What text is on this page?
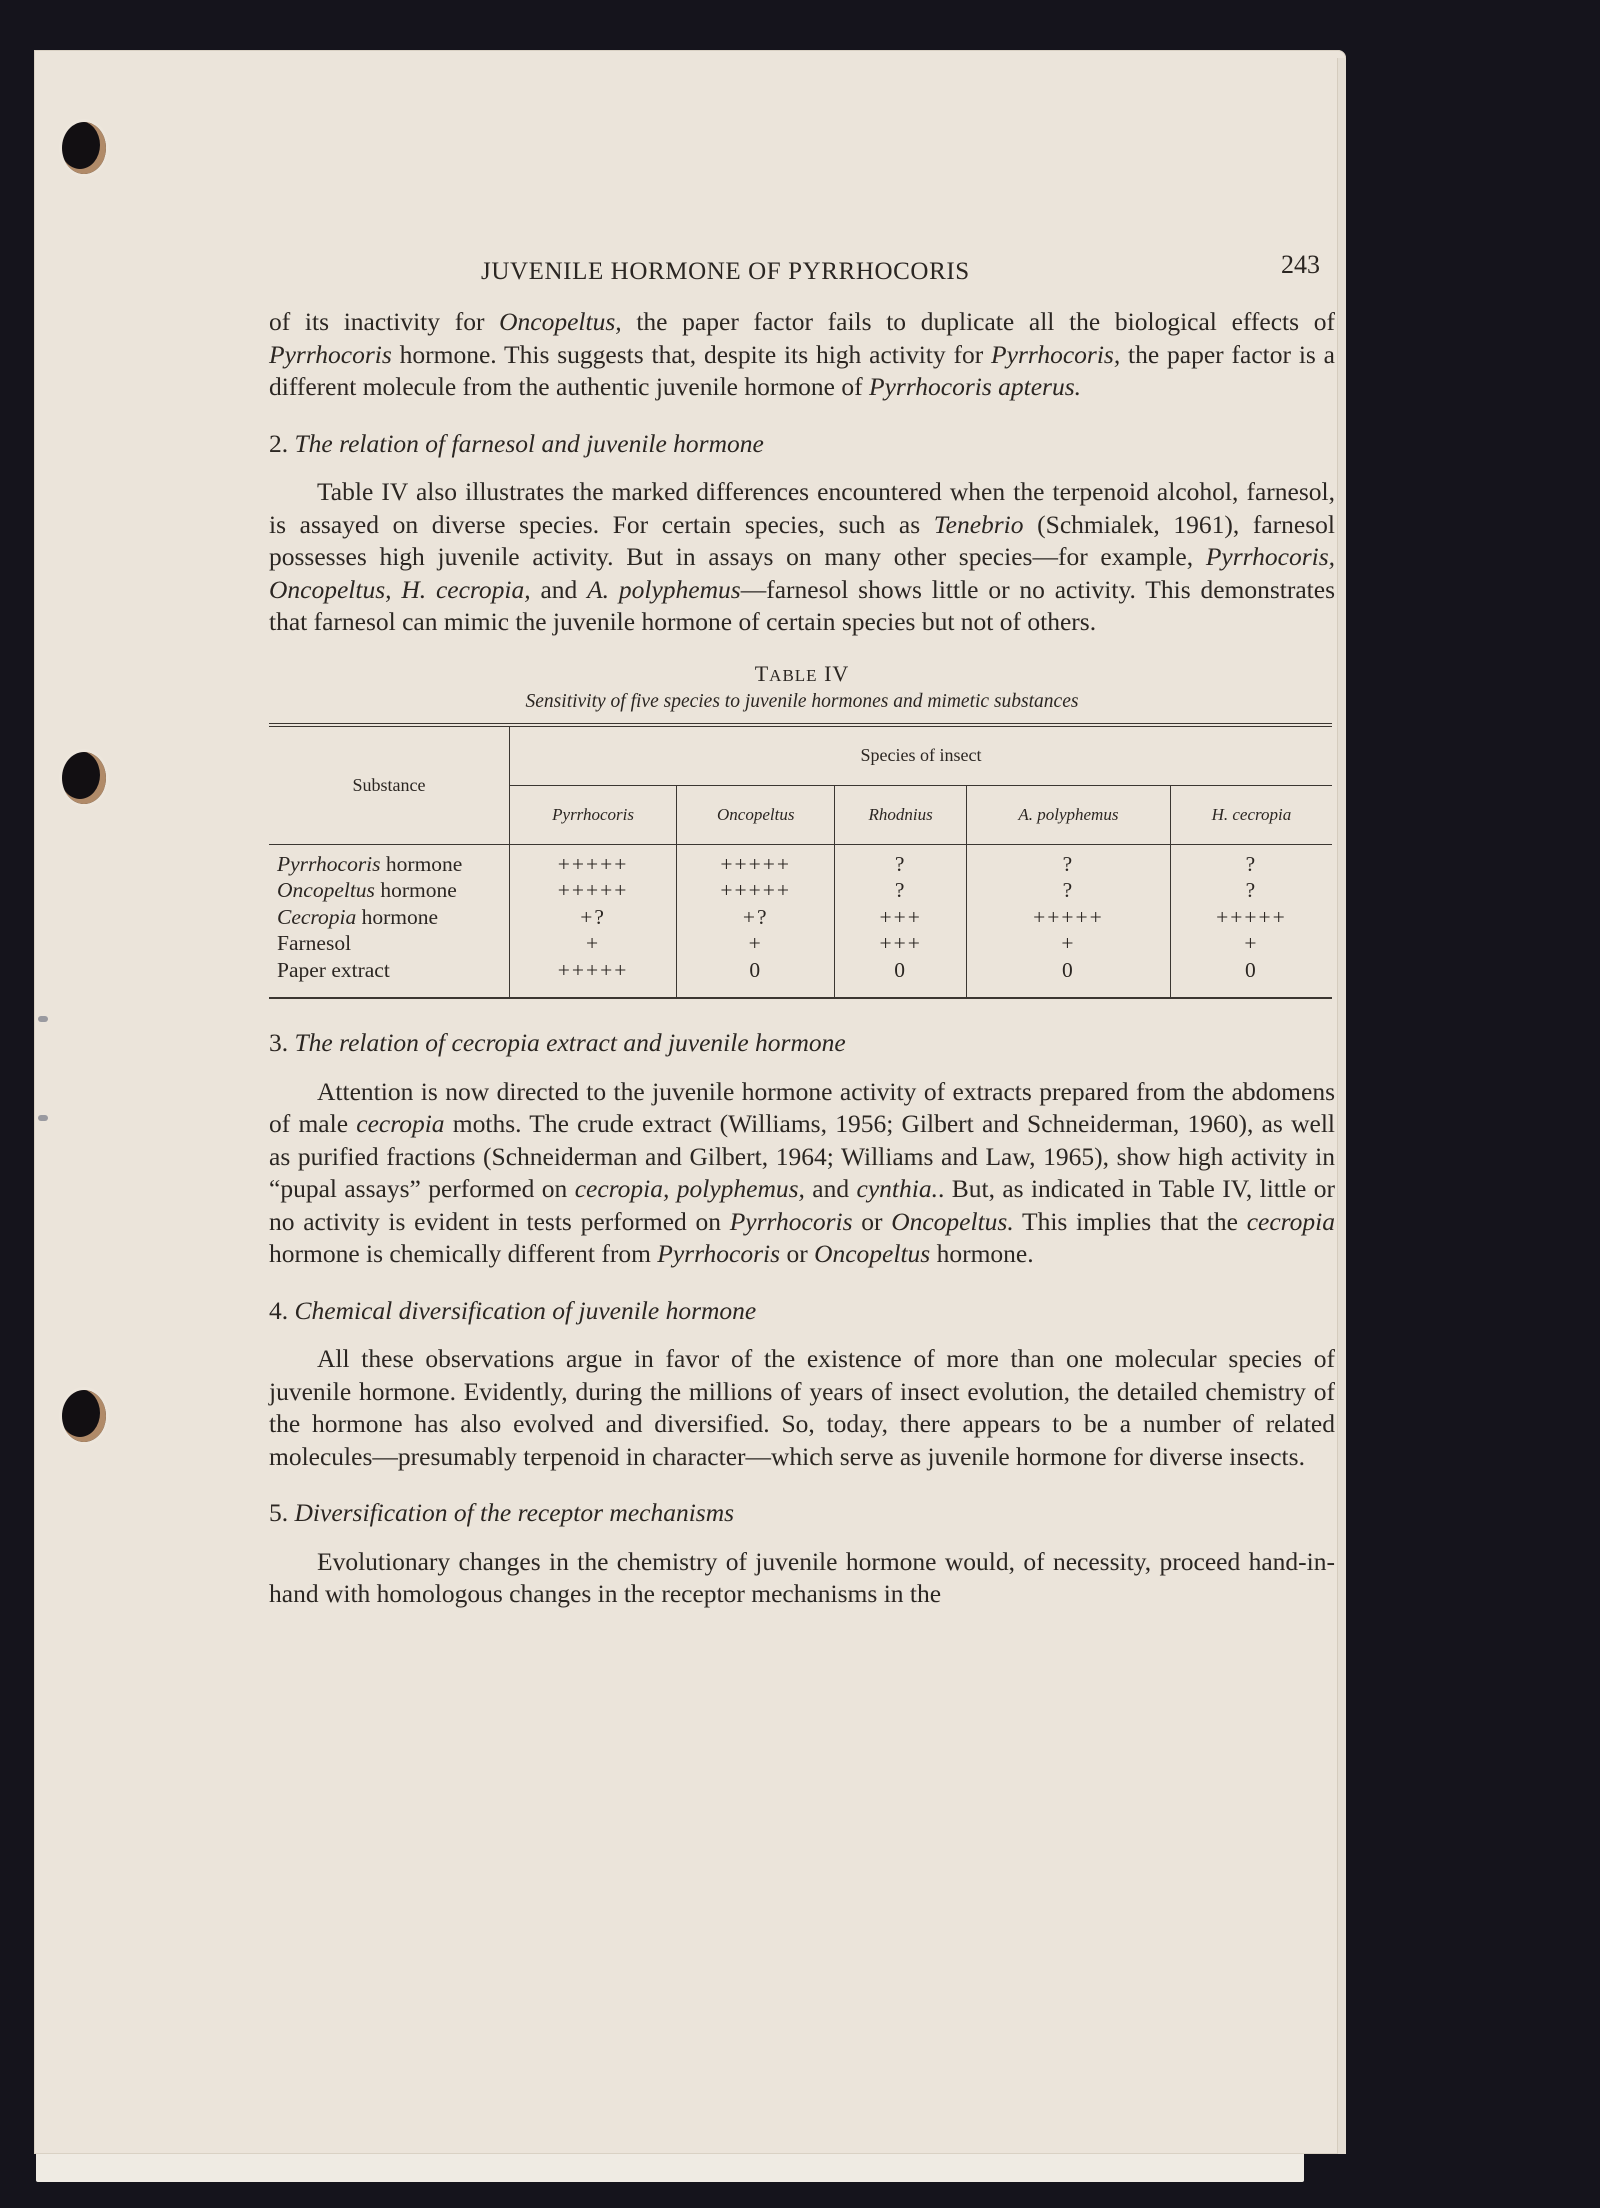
JUVENILE HORMONE OF PYRRHOCORIS	243

of its inactivity for Oncopeltus, the paper factor fails to duplicate all the biological effects of Pyrrhocoris hormone. This suggests that, despite its high activity for Pyrrhocoris, the paper factor is a different molecule from the authentic juvenile hormone of Pyrrhocoris apterus.

2. The relation of farnesol and juvenile hormone

Table IV also illustrates the marked differences encountered when the terpenoid alcohol, farnesol, is assayed on diverse species. For certain species, such as Tenebrio (Schmialek, 1961), farnesol possesses high juvenile activity. But in assays on many other species—for example, Pyrrhocoris, Oncopeltus, H. cecropia, and A. polyphemus—farnesol shows little or no activity. This demonstrates that farnesol can mimic the juvenile hormone of certain species but not of others.

TABLE IV
Sensitivity of five species to juvenile hormones and mimetic substances
Substance	Species of insect				
	Pyrrhocoris	Oncopeltus	Rhodnius	A. polyphemus	H. cecropia
Pyrrhocoris hormone	+++++	+++++	?	?	?
Oncopeltus hormone	+++++	+++++	?	?	?
Cecropia hormone	+?	+?	+++	+++++	+++++
Farnesol	+	+	+++	+	+
Paper extract	+++++	0	0	0	0
3. The relation of cecropia extract and juvenile hormone

Attention is now directed to the juvenile hormone activity of extracts prepared from the abdomens of male cecropia moths. The crude extract (Williams, 1956; Gilbert and Schneiderman, 1960), as well as purified fractions (Schneiderman and Gilbert, 1964; Williams and Law, 1965), show high activity in “pupal assays” performed on cecropia, polyphemus, and cynthia.. But, as indicated in Table IV, little or no activity is evident in tests performed on Pyrrhocoris or Oncopeltus. This implies that the cecropia hormone is chemically different from Pyrrhocoris or Oncopeltus hormone.

4. Chemical diversification of juvenile hormone

All these observations argue in favor of the existence of more than one molecular species of juvenile hormone. Evidently, during the millions of years of insect evolution, the detailed chemistry of the hormone has also evolved and diversified. So, today, there appears to be a number of related molecules—presumably terpenoid in character—which serve as juvenile hormone for diverse insects.

5. Diversification of the receptor mechanisms

Evolutionary changes in the chemistry of juvenile hormone would, of necessity, proceed hand-in-hand with homologous changes in the receptor mechanisms in the
